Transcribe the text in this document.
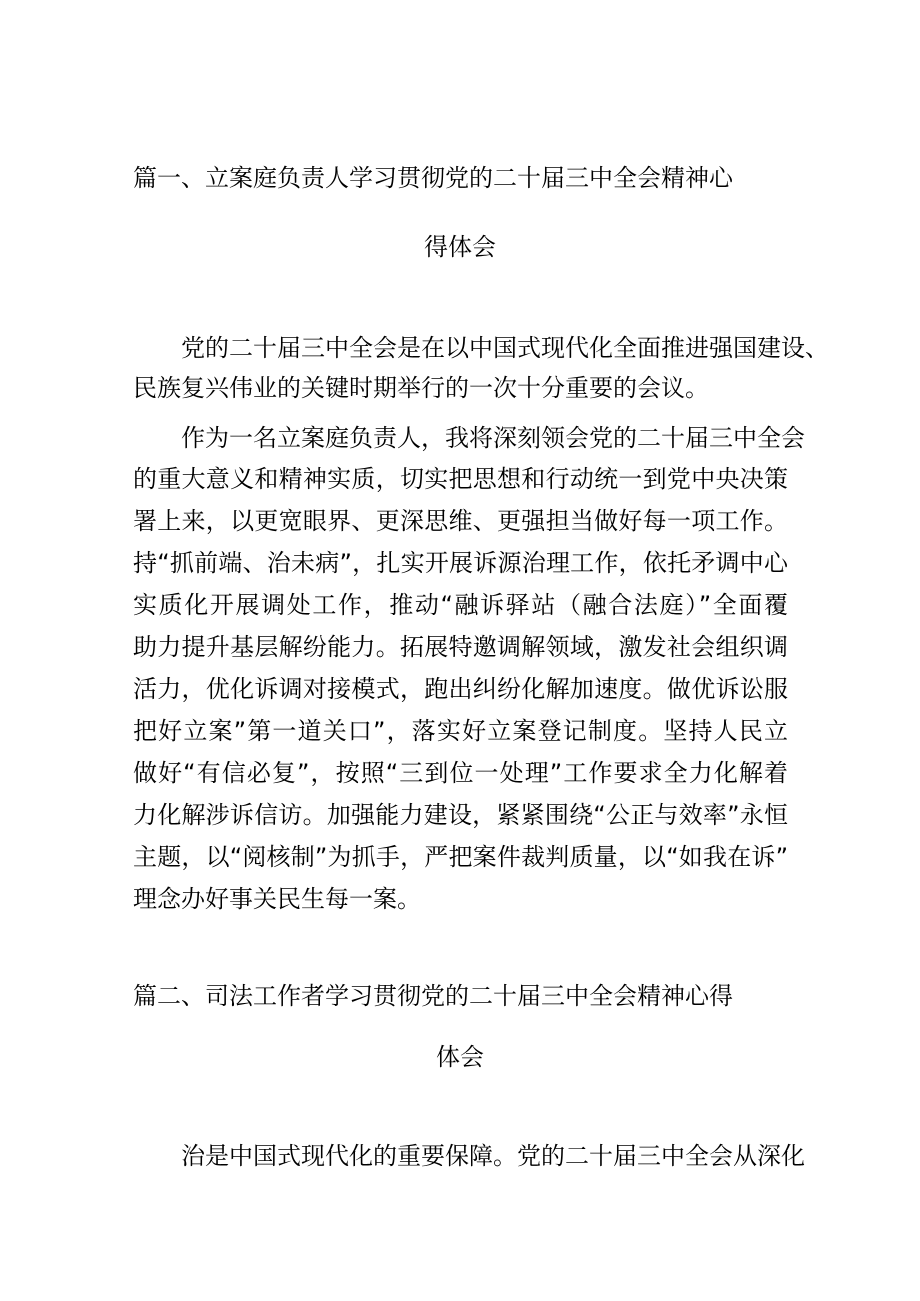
篇一、立案庭负责人学习贯彻党的二十届三中全会精神心
得体会
党的二十届三中全会是在以中国式现代化全面推进强国建设、
民族复兴伟业的关键时期举行的一次十分重要的会议。
作为一名立案庭负责人，我将深刻领会党的二十届三中全会
的重大意义和精神实质，切实把思想和行动统一到党中央决策
署上来，以更宽眼界、更深思维、更强担当做好每一项工作。
持“抓前端、治未病”，扎实开展诉源治理工作，依托矛调中心
实质化开展调处工作，推动“融诉驿站（融合法庭）”全面覆
助力提升基层解纷能力。拓展特邀调解领域，激发社会组织调
活力，优化诉调对接模式，跑出纠纷化解加速度。做优诉讼服
把好立案”第一道关口”，落实好立案登记制度。坚持人民立
做好“有信必复”，按照“三到位一处理”工作要求全力化解着
力化解涉诉信访。加强能力建设，紧紧围绕“公正与效率”永恒
主题，以“阅核制”为抓手，严把案件裁判质量，以“如我在诉”
理念办好事关民生每一案。
篇二、司法工作者学习贯彻党的二十届三中全会精神心得
体会
治是中国式现代化的重要保障。党的二十届三中全会从深化
